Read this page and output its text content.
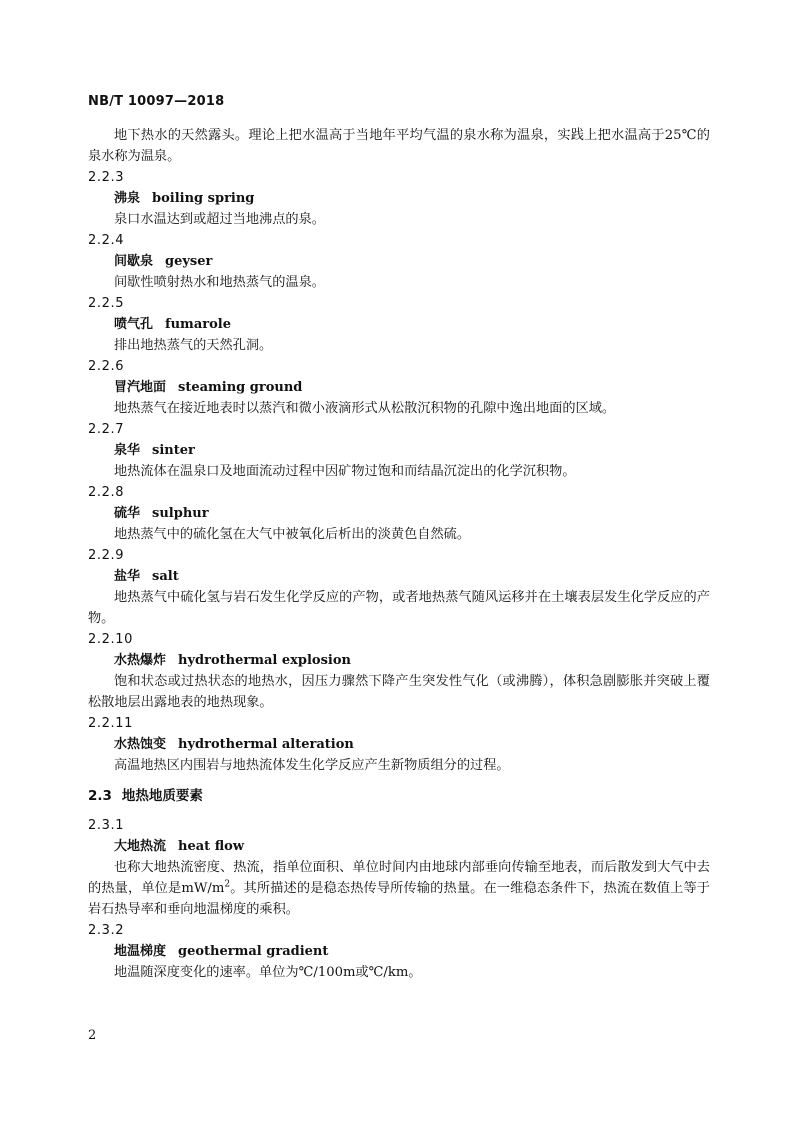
NB/T 10097—2018

地下热水的天然露头。理论上把水温高于当地年平均气温的泉水称为温泉，实践上把水温高于25℃的泉水称为温泉。

2.2.3

沸泉 boiling spring

泉口水温达到或超过当地沸点的泉。

2.2.4

间歇泉 geyser

间歇性喷射热水和地热蒸气的温泉。

2.2.5

喷气孔 fumarole

排出地热蒸气的天然孔洞。

2.2.6

冒汽地面 steaming ground

地热蒸气在接近地表时以蒸汽和微小液滴形式从松散沉积物的孔隙中逸出地面的区域。

2.2.7

泉华 sinter

地热流体在温泉口及地面流动过程中因矿物过饱和而结晶沉淀出的化学沉积物。

2.2.8

硫华 sulphur

地热蒸气中的硫化氢在大气中被氧化后析出的淡黄色自然硫。

2.2.9

盐华 salt

地热蒸气中硫化氢与岩石发生化学反应的产物，或者地热蒸气随风运移并在土壤表层发生化学反应的产物。

2.2.10

水热爆炸 hydrothermal explosion

饱和状态或过热状态的地热水，因压力骤然下降产生突发性气化（或沸腾），体积急剧膨胀并突破上覆松散地层出露地表的地热现象。

2.2.11

水热蚀变 hydrothermal alteration

高温地热区内围岩与地热流体发生化学反应产生新物质组分的过程。

2.3 地热地质要素

2.3.1

大地热流 heat flow

也称大地热流密度、热流，指单位面积、单位时间内由地球内部垂向传输至地表，而后散发到大气中去的热量，单位是$mW/m^2$。其所描述的是稳态热传导所传输的热量。在一维稳态条件下，热流在数值上等于岩石热导率和垂向地温梯度的乘积。

2.3.2

地温梯度 geothermal gradient

地温随深度变化的速率。单位为℃/100m或℃/km。

2
